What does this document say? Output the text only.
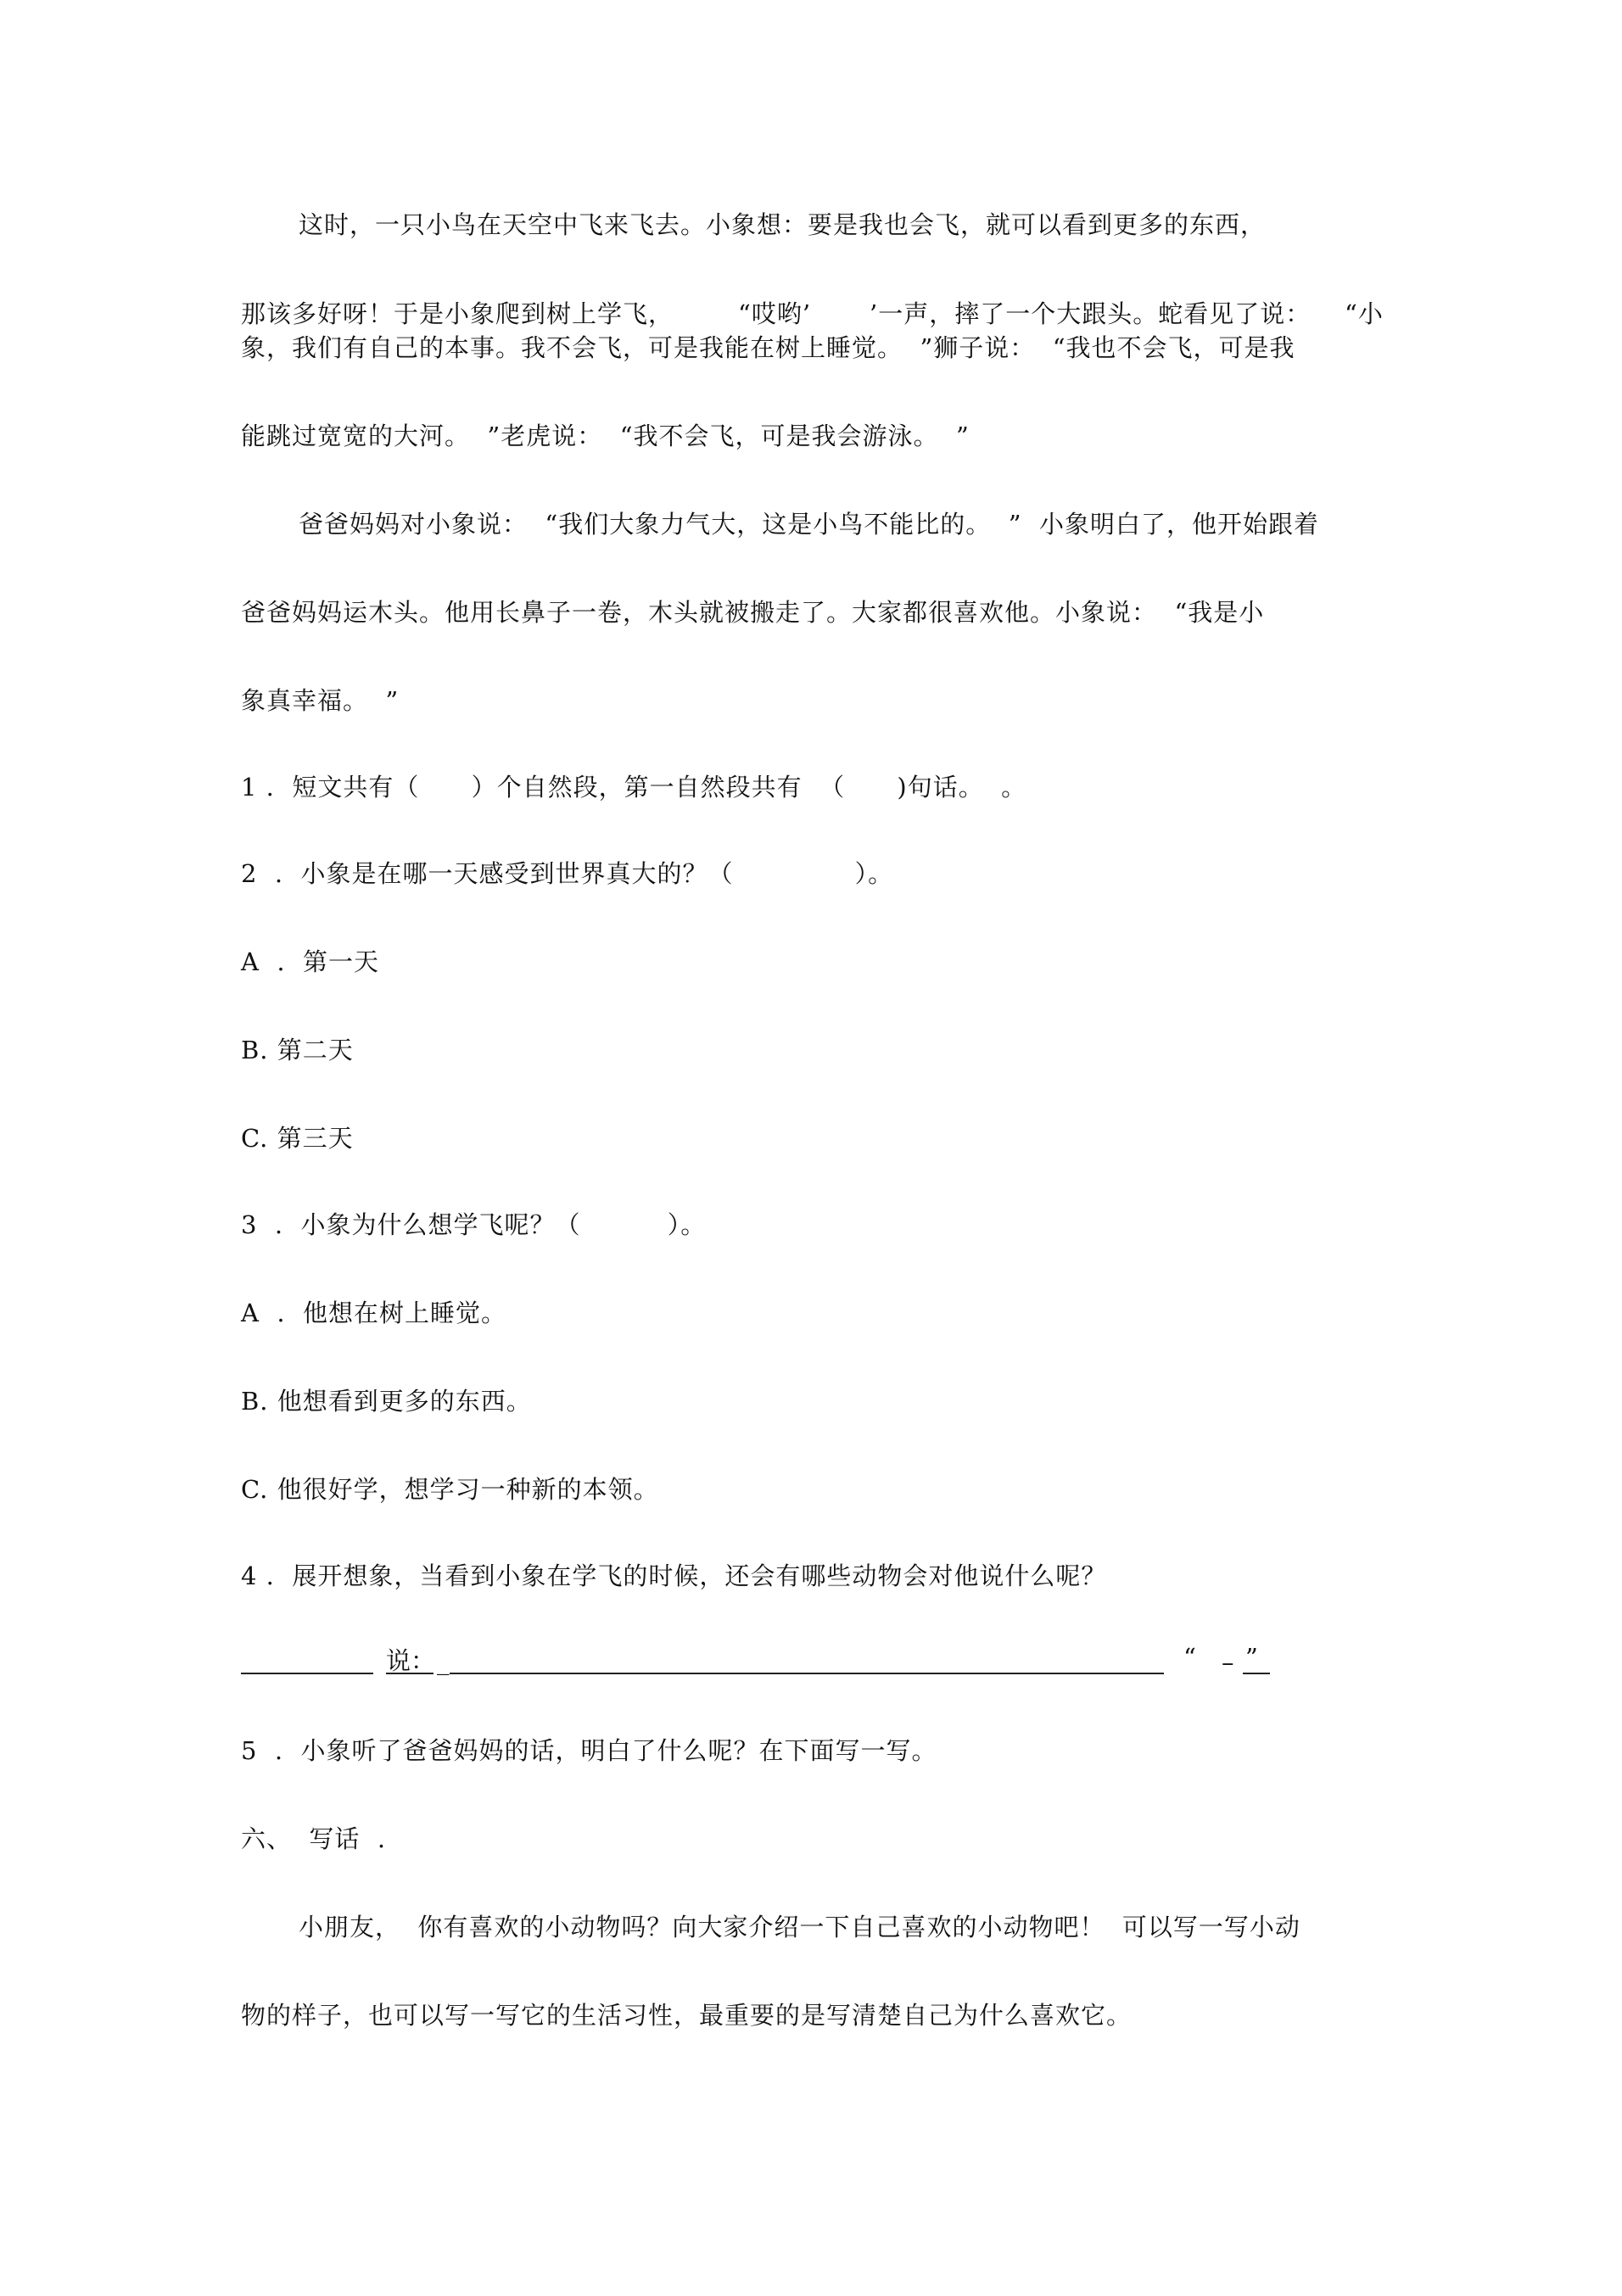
这时，一只小鸟在天空中飞来飞去。小象想：要是我也会飞，就可以看到更多的东西，
那该多好呀！于是小象爬到树上学飞，	“哎哟’ ’一声，摔了一个大跟头。蛇看见了说： “小
象，我们有自己的本事。我不会飞，可是我能在树上睡觉。  ”狮子说：  “我也不会飞，可是我
能跳过宽宽的大河。  ”老虎说：  “我不会飞，可是我会游泳。  ”
爸爸妈妈对小象说：  “我们大象力气大，这是小鸟不能比的。  ”  小象明白了，他开始跟着
爸爸妈妈运木头。他用长鼻子一卷，木头就被搬走了。大家都很喜欢他。小象说：  “我是小
象真幸福。  ”
1 .  短文共有（      ）个自然段，第一自然段共有  （      )句话。  。
2  .  小象是在哪一天感受到世界真大的？（              ）。
A  .  第一天
B. 第二天
C. 第三天
3  .  小象为什么想学飞呢？（          ）。
A  .  他想在树上睡觉。
B. 他想看到更多的东西。
C. 他很好学，想学习一种新的本领。
4 .  展开想象，当看到小象在学飞的时候，还会有哪些动物会对他说什么呢？
说： _	“ – ”
5  .  小象听了爸爸妈妈的话，明白了什么呢？在下面写一写。
六、  写话  .
小朋友，  你有喜欢的小动物吗？向大家介绍一下自己喜欢的小动物吧！  可以写一写小动
物的样子，也可以写一写它的生活习性，最重要的是写清楚自己为什么喜欢它。
